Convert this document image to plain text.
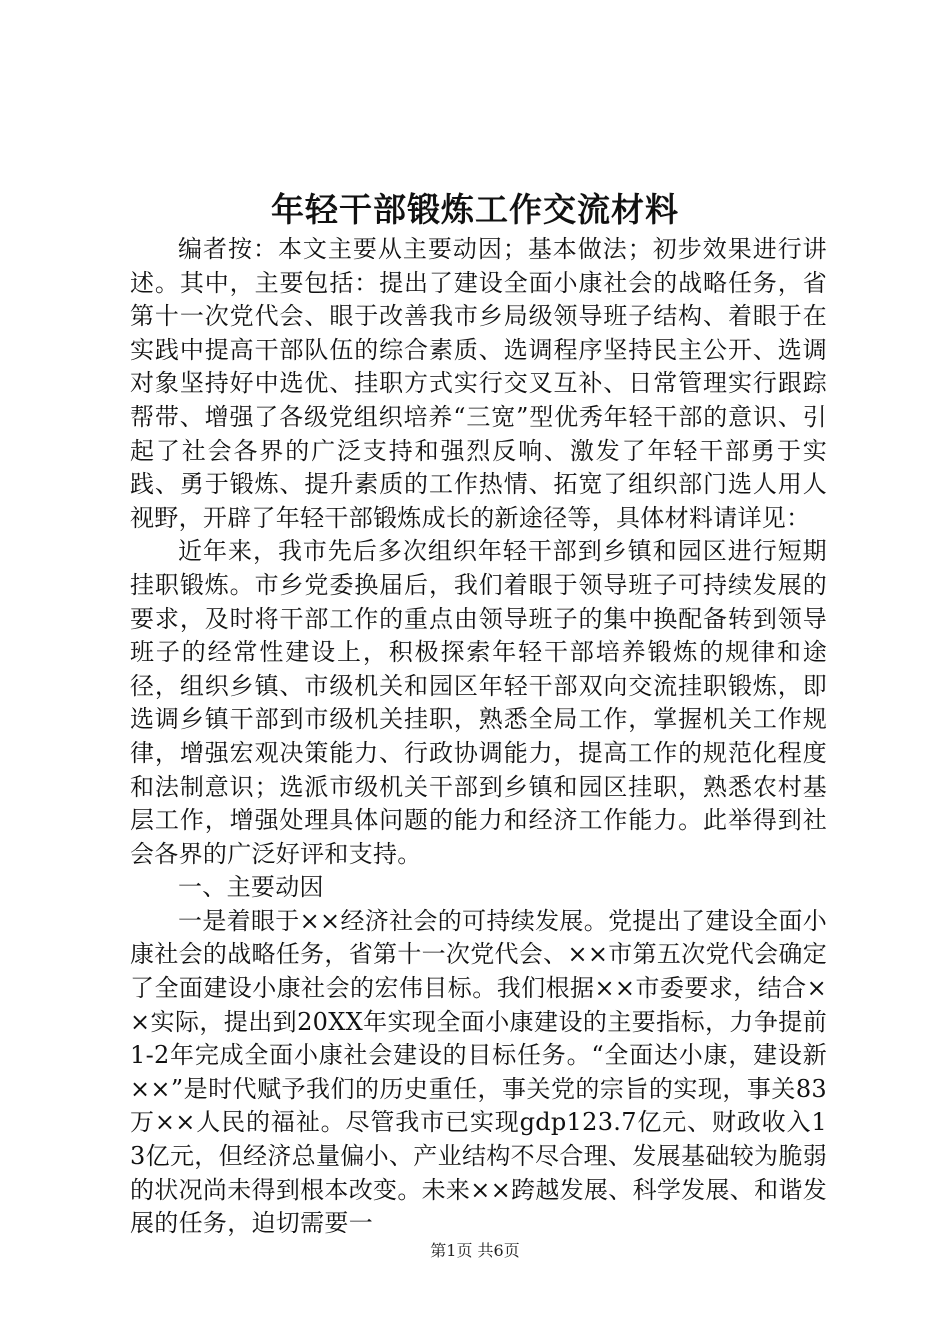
年轻干部锻炼工作交流材料

编者按：本文主要从主要动因；基本做法；初步效果进行讲述。其中，主要包括：提出了建设全面小康社会的战略任务，省第十一次党代会、眼于改善我市乡局级领导班子结构、着眼于在实践中提高干部队伍的综合素质、选调程序坚持民主公开、选调对象坚持好中选优、挂职方式实行交叉互补、日常管理实行跟踪帮带、增强了各级党组织培养“三宽”型优秀年轻干部的意识、引起了社会各界的广泛支持和强烈反响、激发了年轻干部勇于实践、勇于锻炼、提升素质的工作热情、拓宽了组织部门选人用人视野，开辟了年轻干部锻炼成长的新途径等，具体材料请详见：

近年来，我市先后多次组织年轻干部到乡镇和园区进行短期挂职锻炼。市乡党委换届后，我们着眼于领导班子可持续发展的要求，及时将干部工作的重点由领导班子的集中换配备转到领导班子的经常性建设上，积极探索年轻干部培养锻炼的规律和途径，组织乡镇、市级机关和园区年轻干部双向交流挂职锻炼，即选调乡镇干部到市级机关挂职，熟悉全局工作，掌握机关工作规律，增强宏观决策能力、行政协调能力，提高工作的规范化程度和法制意识；选派市级机关干部到乡镇和园区挂职，熟悉农村基层工作，增强处理具体问题的能力和经济工作能力。此举得到社会各界的广泛好评和支持。

一、主要动因

一是着眼于××经济社会的可持续发展。党提出了建设全面小康社会的战略任务，省第十一次党代会、××市第五次党代会确定了全面建设小康社会的宏伟目标。我们根据××市委要求，结合××实际，提出到20XX年实现全面小康建设的主要指标，力争提前1-2年完成全面小康社会建设的目标任务。“全面达小康，建设新××”是时代赋予我们的历史重任，事关党的宗旨的实现，事关83万××人民的福祉。尽管我市已实现gdp123.7亿元、财政收入13亿元，但经济总量偏小、产业结构不尽合理、发展基础较为脆弱的状况尚未得到根本改变。未来××跨越发展、科学发展、和谐发展的任务，迫切需要一

第1页 共6页
